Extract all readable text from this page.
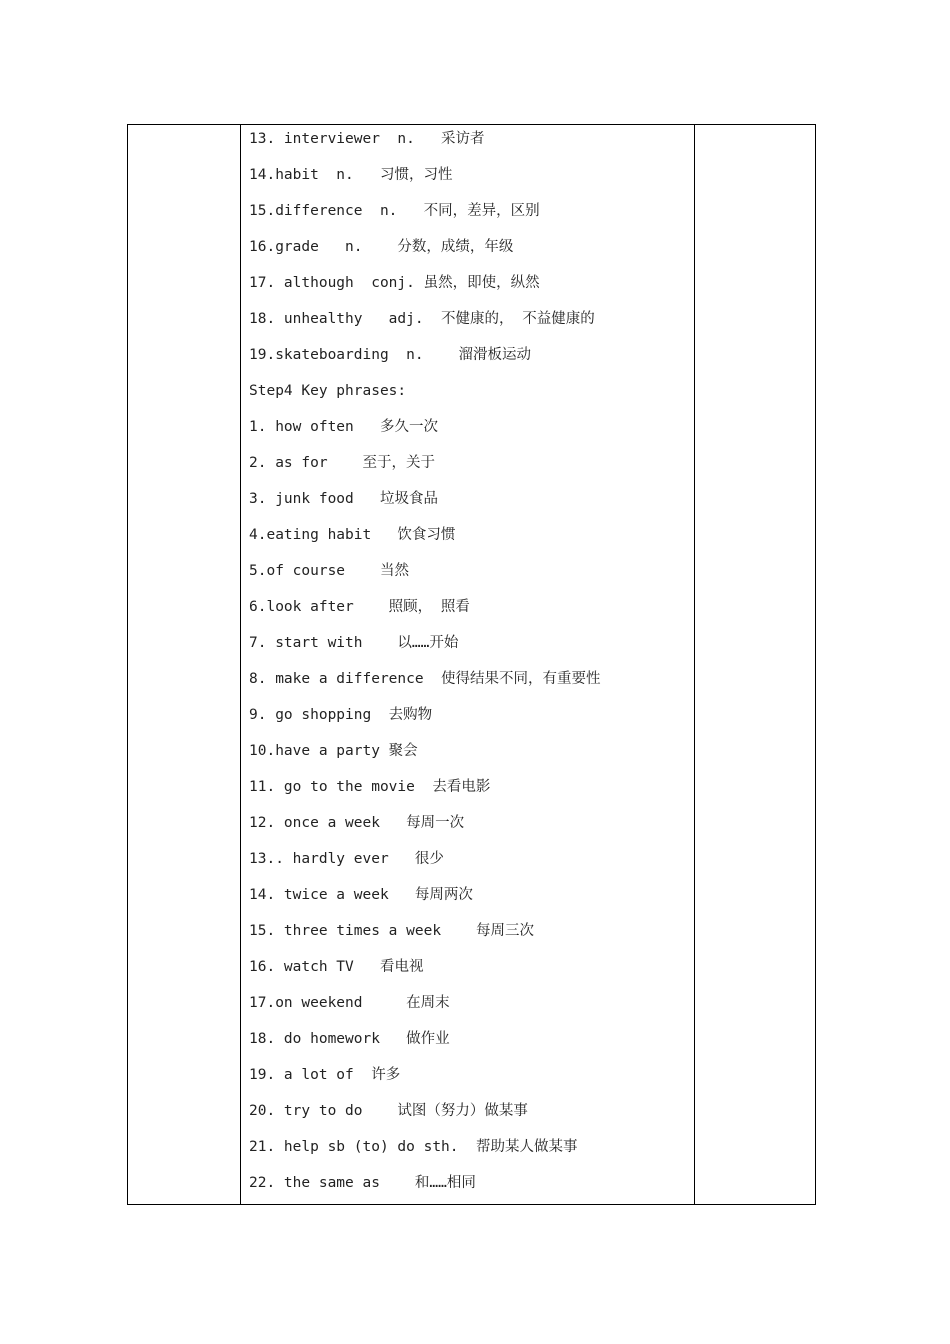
13. interviewer  n.   采访者
14.habit  n.   习惯，习性
15.difference  n.   不同，差异，区别
16.grade   n.    分数，成绩，年级
17. although  conj. 虽然，即使，纵然
18. unhealthy   adj.  不健康的， 不益健康的
19.skateboarding  n.    溜滑板运动
Step4 Key phrases:
1. how often   多久一次
2. as for    至于，关于
3. junk food   垃圾食品
4.eating habit   饮食习惯
5.of course    当然
6.look after    照顾， 照看
7. start with    以……开始
8. make a difference  使得结果不同，有重要性
9. go shopping  去购物
10.have a party 聚会
11. go to the movie  去看电影
12. once a week   每周一次
13.. hardly ever   很少
14. twice a week   每周两次
15. three times a week    每周三次
16. watch TV   看电视
17.on weekend     在周末
18. do homework   做作业
19. a lot of  许多
20. try to do    试图（努力）做某事
21. help sb (to) do sth.  帮助某人做某事
22. the same as    和……相同
